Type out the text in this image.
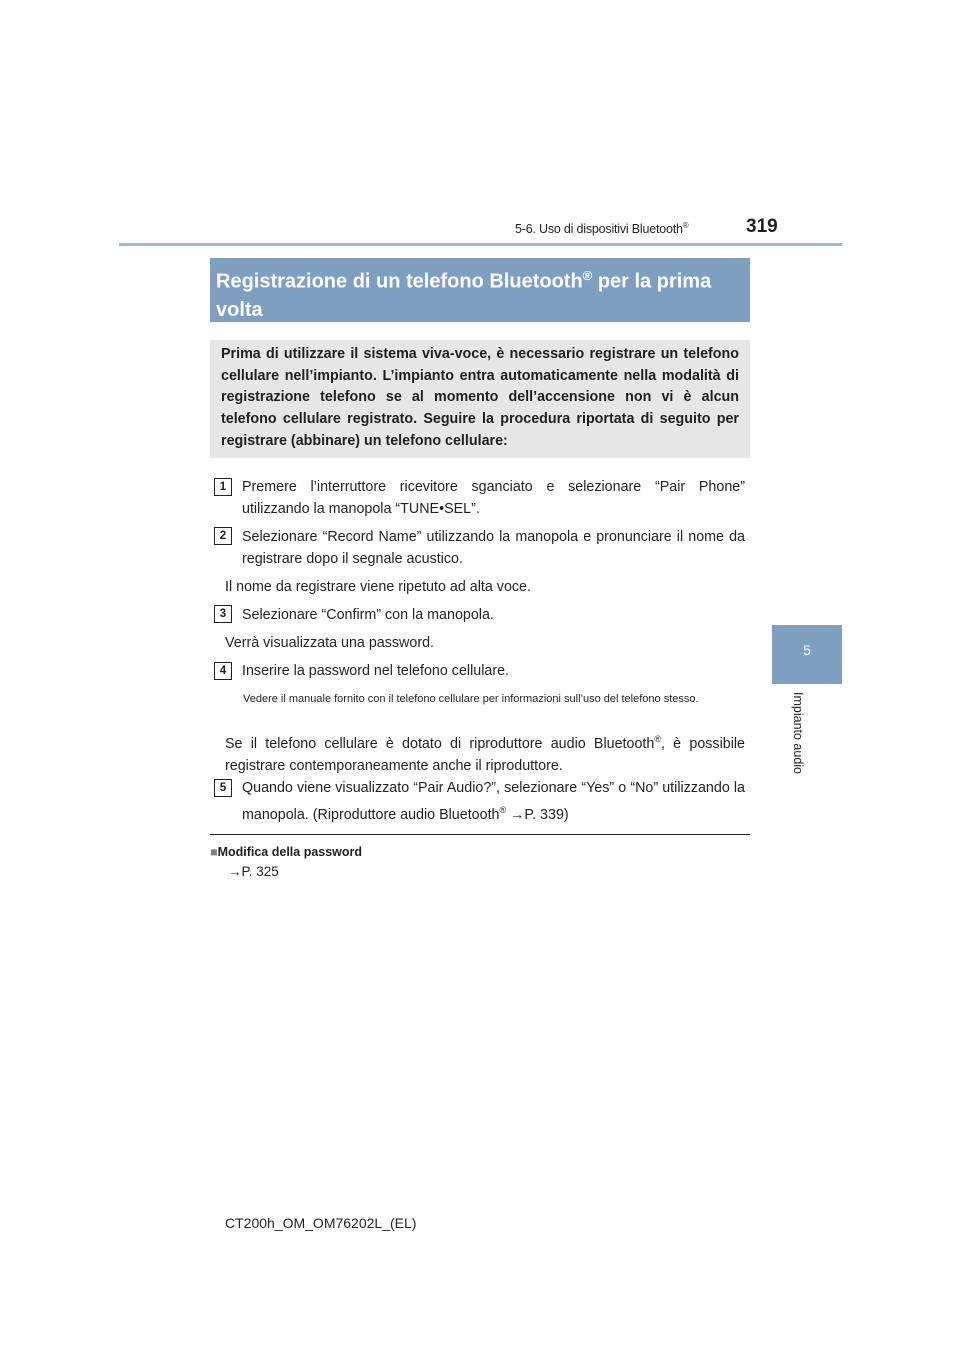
5-6. Uso di dispositivi Bluetooth®	319
5
Impianto audio
Registrazione di un telefono Bluetooth® per la prima volta
Prima di utilizzare il sistema viva-voce, è necessario registrare un telefono cellulare nell’impianto. L’impianto entra automaticamente nella modalità di registrazione telefono se al momento dell’accensione non vi è alcun telefono cellulare registrato. Seguire la procedura riportata di seguito per registrare (abbinare) un telefono cellulare:
1	Premere l’interruttore ricevitore sganciato e selezionare “Pair Phone” utilizzando la manopola “TUNE•SEL”.
2	Selezionare “Record Name” utilizzando la manopola e pronunciare il nome da registrare dopo il segnale acustico.
Il nome da registrare viene ripetuto ad alta voce.
3	Selezionare “Confirm” con la manopola.
Verrà visualizzata una password.
4	Inserire la password nel telefono cellulare.
Vedere il manuale fornito con il telefono cellulare per informazioni sull’uso del telefono stesso.
Se il telefono cellulare è dotato di riproduttore audio Bluetooth®, è possibile registrare contemporaneamente anche il riproduttore.
5	Quando viene visualizzato “Pair Audio?”, selezionare “Yes” o “No” utilizzando la manopola. (Riproduttore audio Bluetooth® →P. 339)
■Modifica della password
→P. 325
CT200h_OM_OM76202L_(EL)
